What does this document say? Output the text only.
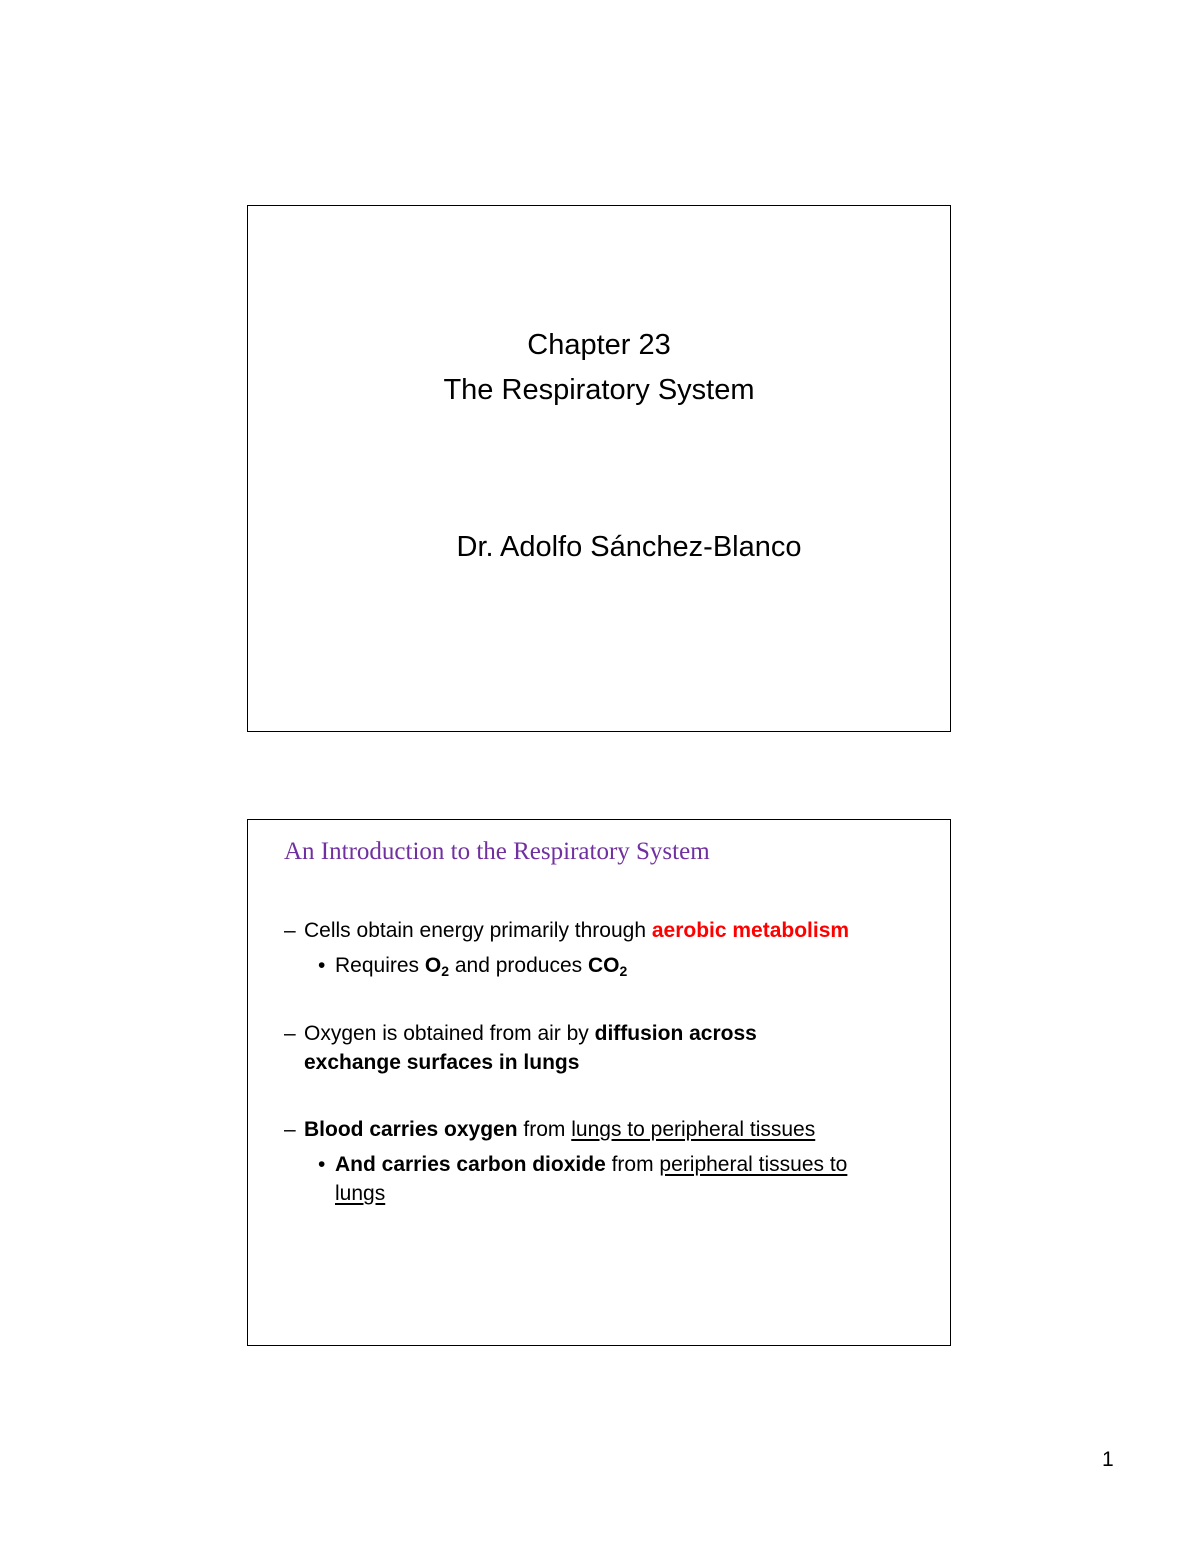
Chapter 23
The Respiratory System
Dr. Adolfo Sánchez-Blanco
An Introduction to the Respiratory System
– Cells obtain energy primarily through aerobic metabolism
• Requires $O_2$ and produces $CO_2$
– Oxygen is obtained from air by diffusion across
exchange surfaces in lungs
– Blood carries oxygen from lungs to peripheral tissues
• And carries carbon dioxide from peripheral tissues to
lungs
1
